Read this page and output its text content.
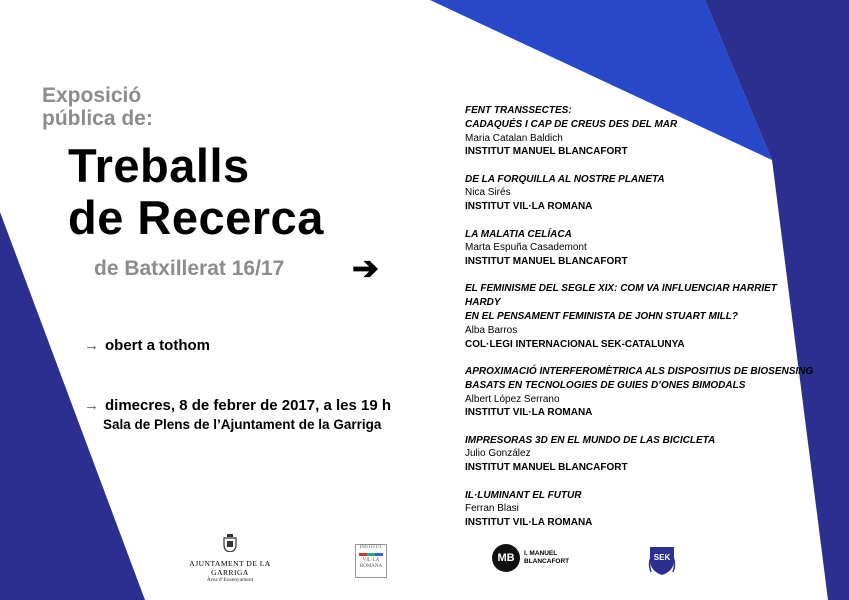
Exposició
pública de:
Treballs
de Recerca
de Batxillerat 16/17 ➔
→ obert a tothom
→ dimecres, 8 de febrer de 2017, a les 19 h
Sala de Plens de l’Ajuntament de la Garriga
FENT TRANSSECTES:
CADAQUÉS I CAP DE CREUS DES DEL MAR
Maria Catalan Baldich
INSTITUT MANUEL BLANCAFORT
DE LA FORQUILLA AL NOSTRE PLANETA
Nica Sirés
INSTITUT VIL·LA ROMANA
LA MALATIA CELÍACA
Marta Espuña Casademont
INSTITUT MANUEL BLANCAFORT
EL FEMINISME DEL SEGLE XIX: COM VA INFLUENCIAR HARRIET HARDY
EN EL PENSAMENT FEMINISTA DE JOHN STUART MILL?
Alba Barros
COL·LEGI INTERNACIONAL SEK-CATALUNYA
APROXIMACIÓ INTERFEROMÈTRICA ALS DISPOSITIUS DE BIOSENSING
BASATS EN TECNOLOGIES DE GUIES D’ONES BIMODALS
Albert López Serrano
INSTITUT VIL·LA ROMANA
IMPRESORAS 3D EN EL MUNDO DE LAS BICICLETA
Julio González
INSTITUT MANUEL BLANCAFORT
IL·LUMINANT EL FUTUR
Ferran Blasi
INSTITUT VIL·LA ROMANA
AJUNTAMENT DE LA GARRIGA
Àrea d’Ensenyament
INSTITUT
VIL·LA
ROMANA
MB I. MANUEL
BLANCAFORT	SEK
